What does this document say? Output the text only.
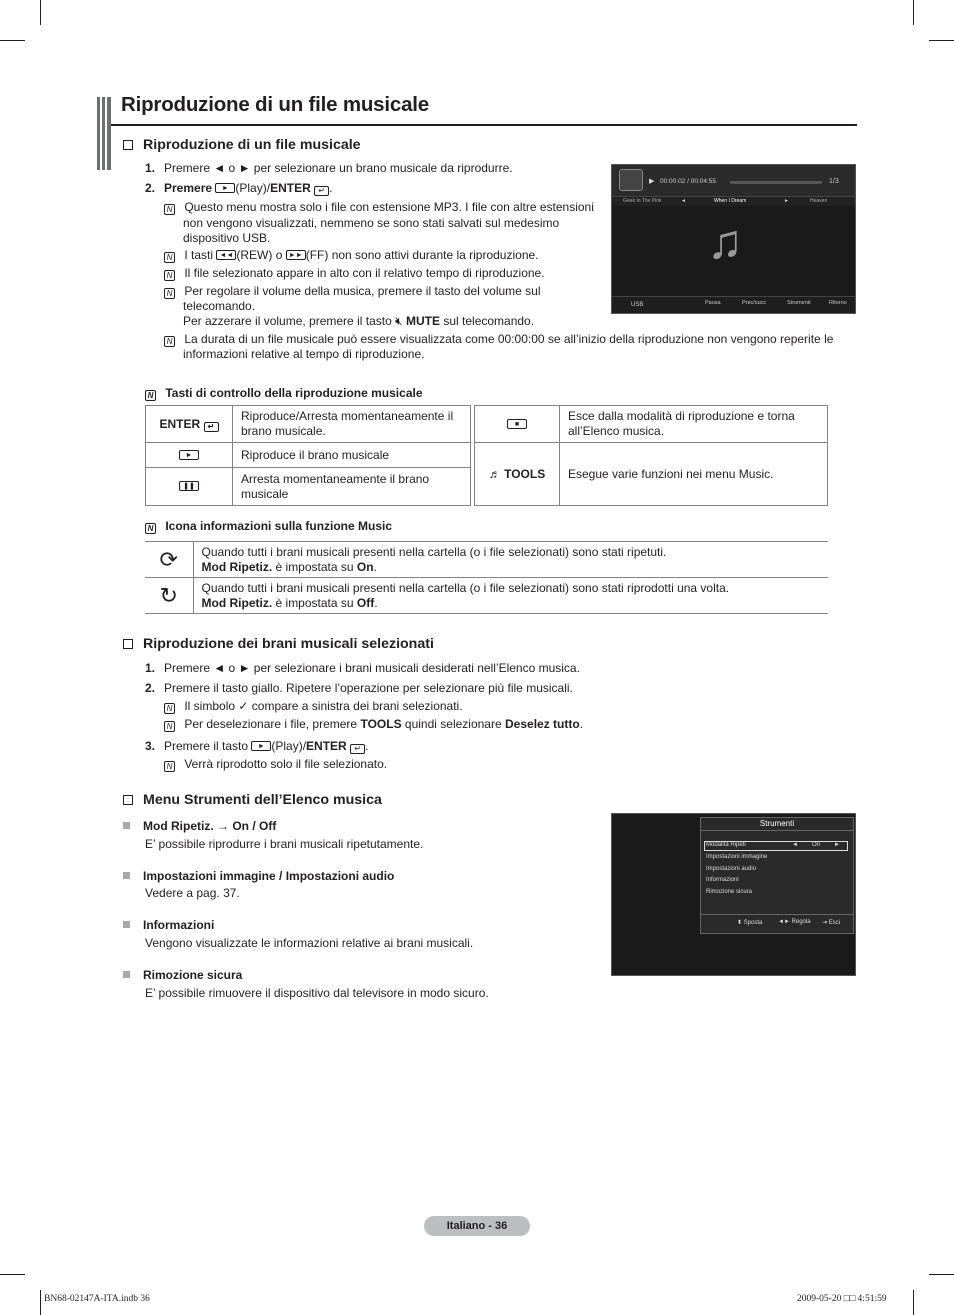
Riproduzione di un file musicale
Riproduzione di un file musicale
1. Premere ◄ o ► per selezionare un brano musicale da riprodurre.
2. Premere	► (Play)/ENTER ↵ .
N Questo menu mostra solo i file con estensione MP3. I file con altre estensioni
non vengono visualizzati, nemmeno se sono stati salvati sul medesimo
dispositivo USB.
N I tasti ◄◄ (REW) o ►► (FF) non sono attivi durante la riproduzione.
N Il file selezionato appare in alto con il relativo tempo di riproduzione.
N Per regolare il volume della musica, premere il tasto del volume sul
telecomando.
Per azzerare il volume, premere il tasto 🔇︎ MUTE sul telecomando.
N La durata di un file musicale può essere visualizzata come 00:00:00 se all’inizio della riproduzione non vengono reperite le
informazioni relative al tempo di riproduzione.
▶ 00:00:02 / 00:04:55	1/3
Geek In The Pink	◄	When I Dream	►	Heaven
♫
USB	Pausa	Prec/succ	Strumenti	Ritorno
N Tasti di controllo della riproduzione musicale
ENTER ↵	Riproduce/Arresta momentaneamente il brano musicale.

►	Riproduce il brano musicale

❚❚	Arresta momentaneamente il brano musicale
■	Esce dalla modalità di riproduzione e torna all’Elenco musica.
♬ TOOLS	Esegue varie funzioni nei menu Music.
N Icona informazioni sulla funzione Music
⟳	Quando tutti i brani musicali presenti nella cartella (o i file selezionati) sono stati ripetuti.
Mod Ripetiz. è impostata su On.

↻	Quando tutti i brani musicali presenti nella cartella (o i file selezionati) sono stati riprodotti una volta.
Mod Ripetiz. è impostata su Off.
Riproduzione dei brani musicali selezionati
1. Premere ◄ o ► per selezionare i brani musicali desiderati nell’Elenco musica.
2. Premere il tasto giallo. Ripetere l’operazione per selezionare più file musicali.
N Il simbolo ✓ compare a sinistra dei brani selezionati.
N Per deselezionare i file, premere TOOLS quindi selezionare Deselez tutto.
3. Premere il tasto	► (Play)/ENTER ↵ .
N Verrà riprodotto solo il file selezionato.
Menu Strumenti dell’Elenco musica
Mod Ripetiz. → On / Off
E’ possibile riprodurre i brani musicali ripetutamente.
Impostazioni immagine / Impostazioni audio
Vedere a pag. 37.
Informazioni
Vengono visualizzate le informazioni relative ai brani musicali.
Rimozione sicura
E’ possibile rimuovere il dispositivo dal televisore in modo sicuro.
Strumenti
Modalità Ripeti	◄ On ►
Impostazioni immagine
Impostazioni audio
Informazioni
Rimozione sicura
⬍ Sposta	◄► Regola ⇥ Esci
Italiano - 36
BN68-02147A-ITA.indb 36	2009-05-20 □□ 4:51:59
